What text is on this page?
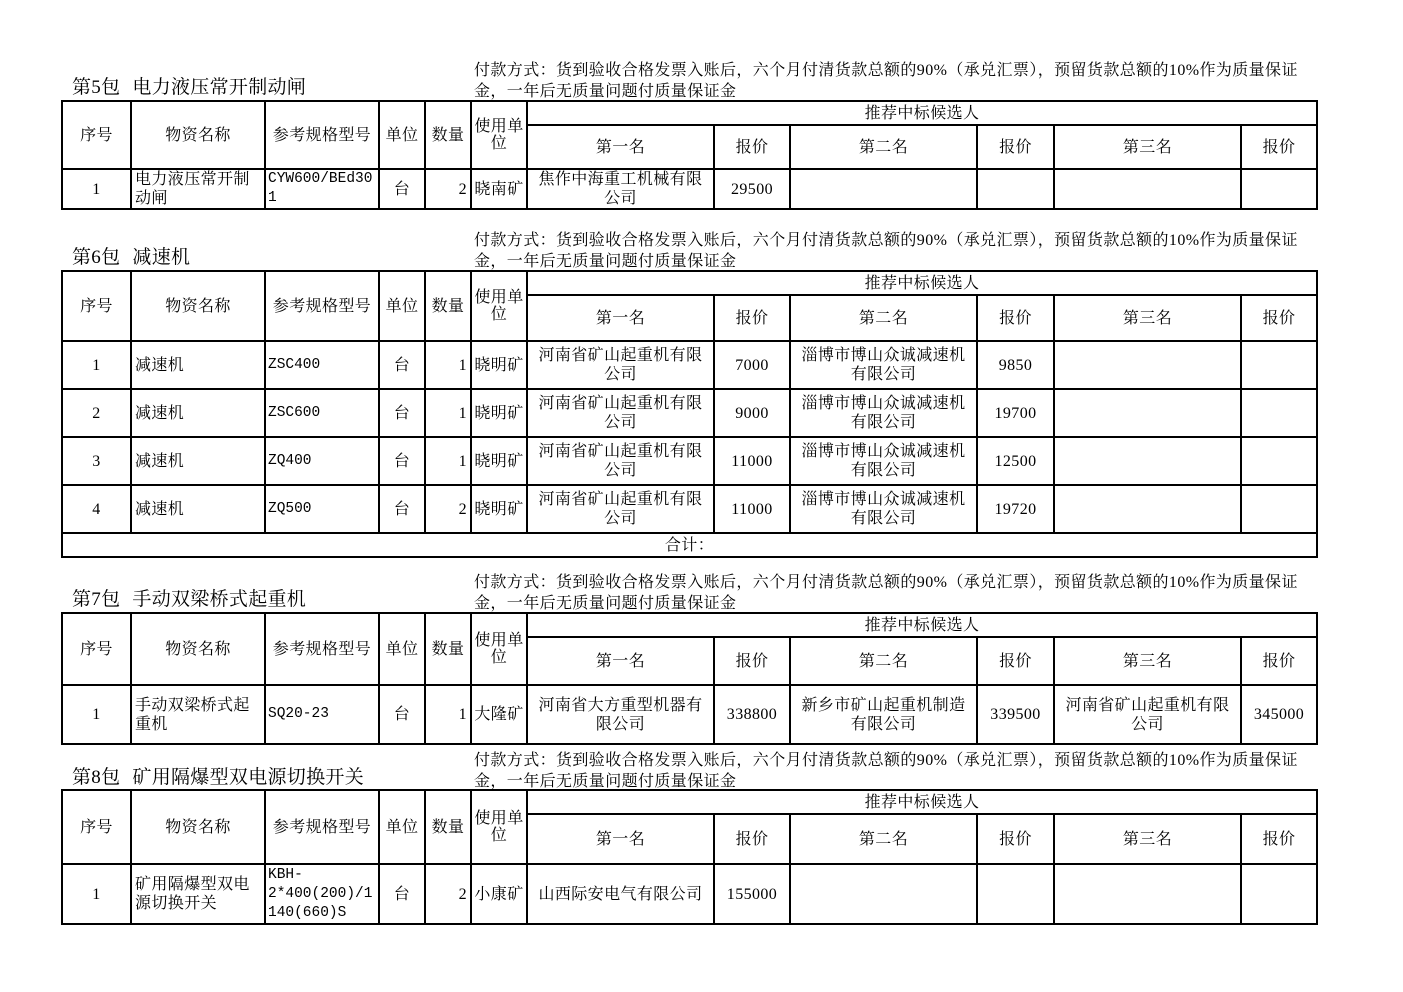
付款方式：货到验收合格发票入账后，六个月付清货款总额的90%（承兑汇票），预留货款总额的10%作为质量保证金，一年后无质量问题付质量保证金
第5包 电力液压常开制动闸
序号	物资名称	参考规格型号	单位	数量	使用单位	推荐中标候选人					
						第一名	报价	第二名	报价	第三名	报价
1	电力液压常开制动闸	CYW600/BEd301	台	2	晓南矿	焦作中海重工机械有限公司	29500				
付款方式：货到验收合格发票入账后，六个月付清货款总额的90%（承兑汇票），预留货款总额的10%作为质量保证金，一年后无质量问题付质量保证金
第6包 减速机
序号	物资名称	参考规格型号	单位	数量	使用单位	推荐中标候选人					
						第一名	报价	第二名	报价	第三名	报价
1	减速机	ZSC400	台	1	晓明矿	河南省矿山起重机有限公司	7000	淄博市博山众诚减速机有限公司	9850		
2	减速机	ZSC600	台	1	晓明矿	河南省矿山起重机有限公司	9000	淄博市博山众诚减速机有限公司	19700		
3	减速机	ZQ400	台	1	晓明矿	河南省矿山起重机有限公司	11000	淄博市博山众诚减速机有限公司	12500		
4	减速机	ZQ500	台	2	晓明矿	河南省矿山起重机有限公司	11000	淄博市博山众诚减速机有限公司	19720		
合计：											
付款方式：货到验收合格发票入账后，六个月付清货款总额的90%（承兑汇票），预留货款总额的10%作为质量保证金，一年后无质量问题付质量保证金
第7包 手动双梁桥式起重机
序号	物资名称	参考规格型号	单位	数量	使用单位	推荐中标候选人					
						第一名	报价	第二名	报价	第三名	报价
1	手动双梁桥式起重机	SQ20-23	台	1	大隆矿	河南省大方重型机器有限公司	338800	新乡市矿山起重机制造有限公司	339500	河南省矿山起重机有限公司	345000
付款方式：货到验收合格发票入账后，六个月付清货款总额的90%（承兑汇票），预留货款总额的10%作为质量保证金，一年后无质量问题付质量保证金
第8包 矿用隔爆型双电源切换开关
序号	物资名称	参考规格型号	单位	数量	使用单位	推荐中标候选人					
						第一名	报价	第二名	报价	第三名	报价
1	矿用隔爆型双电源切换开关	KBH-2*400(200)/1140(660)S	台	2	小康矿	山西际安电气有限公司	155000				
